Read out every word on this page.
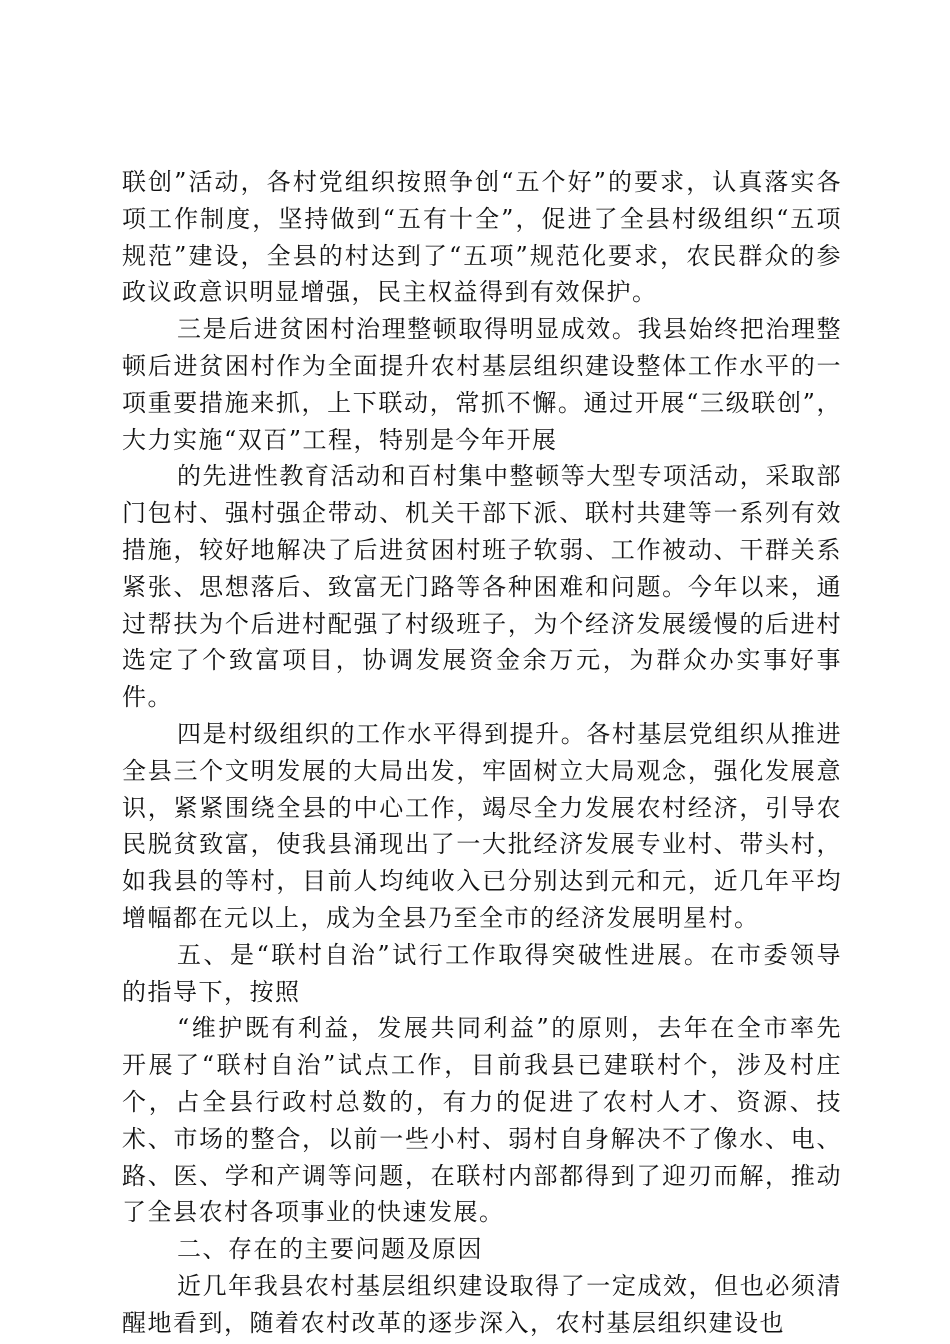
联创”活动，各村党组织按照争创“五个好”的要求，认真落实各项工作制度，坚持做到“五有十全”，促进了全县村级组织“五项规范”建设，全县的村达到了“五项”规范化要求，农民群众的参政议政意识明显增强，民主权益得到有效保护。

三是后进贫困村治理整顿取得明显成效。我县始终把治理整顿后进贫困村作为全面提升农村基层组织建设整体工作水平的一项重要措施来抓，上下联动，常抓不懈。通过开展“三级联创”，大力实施“双百”工程，特别是今年开展

的先进性教育活动和百村集中整顿等大型专项活动，采取部门包村、强村强企带动、机关干部下派、联村共建等一系列有效措施，较好地解决了后进贫困村班子软弱、工作被动、干群关系紧张、思想落后、致富无门路等各种困难和问题。今年以来，通过帮扶为个后进村配强了村级班子，为个经济发展缓慢的后进村选定了个致富项目，协调发展资金余万元，为群众办实事好事件。

四是村级组织的工作水平得到提升。各村基层党组织从推进全县三个文明发展的大局出发，牢固树立大局观念，强化发展意识，紧紧围绕全县的中心工作，竭尽全力发展农村经济，引导农民脱贫致富，使我县涌现出了一大批经济发展专业村、带头村，如我县的等村，目前人均纯收入已分别达到元和元，近几年平均增幅都在元以上，成为全县乃至全市的经济发展明星村。

五、是“联村自治”试行工作取得突破性进展。在市委领导的指导下，按照

“维护既有利益，发展共同利益”的原则，去年在全市率先开展了“联村自治”试点工作，目前我县已建联村个，涉及村庄个，占全县行政村总数的，有力的促进了农村人才、资源、技术、市场的整合，以前一些小村、弱村自身解决不了像水、电、路、医、学和产调等问题，在联村内部都得到了迎刃而解，推动了全县农村各项事业的快速发展。

二、存在的主要问题及原因

近几年我县农村基层组织建设取得了一定成效，但也必须清醒地看到，随着农村改革的逐步深入，农村基层组织建设也
